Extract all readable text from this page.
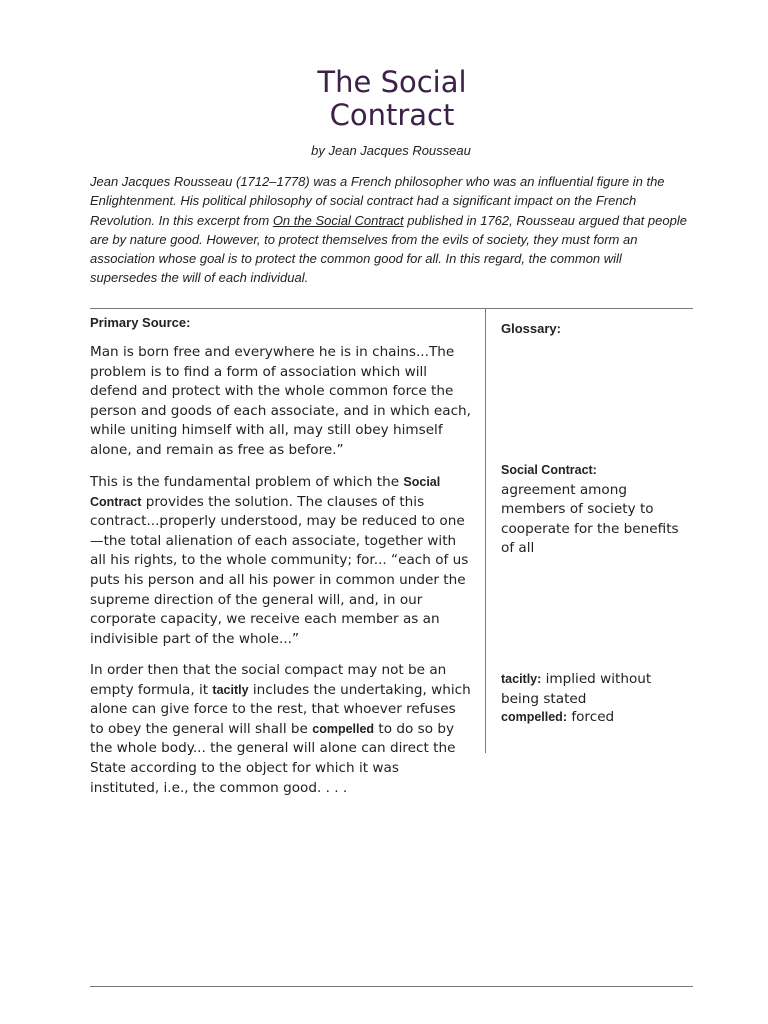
The Social
Contract
by Jean Jacques Rousseau

Jean Jacques Rousseau (1712–1778) was a French philosopher who was an influential figure in the Enlightenment. His political philosophy of social contract had a significant impact on the French Revolution. In this excerpt from On the Social Contract published in 1762, Rousseau argued that people are by nature good. However, to protect themselves from the evils of society, they must form an association whose goal is to protect the common good for all. In this regard, the common will supersedes the will of each individual.

Primary Source:

Man is born free and everywhere he is in chains...The problem is to find a form of association which will defend and protect with the whole common force the person and goods of each associate, and in which each, while uniting himself with all, may still obey himself alone, and remain as free as before.”

This is the fundamental problem of which the Social Contract provides the solution. The clauses of this contract...properly understood, may be reduced to one—the total alienation of each associate, together with all his rights, to the whole community; for... “each of us puts his person and all his power in common under the supreme direction of the general will, and, in our corporate capacity, we receive each member as an indivisible part of the whole...”

In order then that the social compact may not be an empty formula, it tacitly includes the undertaking, which alone can give force to the rest, that whoever refuses to obey the general will shall be compelled to do so by the whole body... the general will alone can direct the State according to the object for which it was instituted, i.e., the common good. . . .

Glossary:

Social Contract:
agreement among members of society to cooperate for the benefits of all

tacitly: implied without being stated

compelled: forced
